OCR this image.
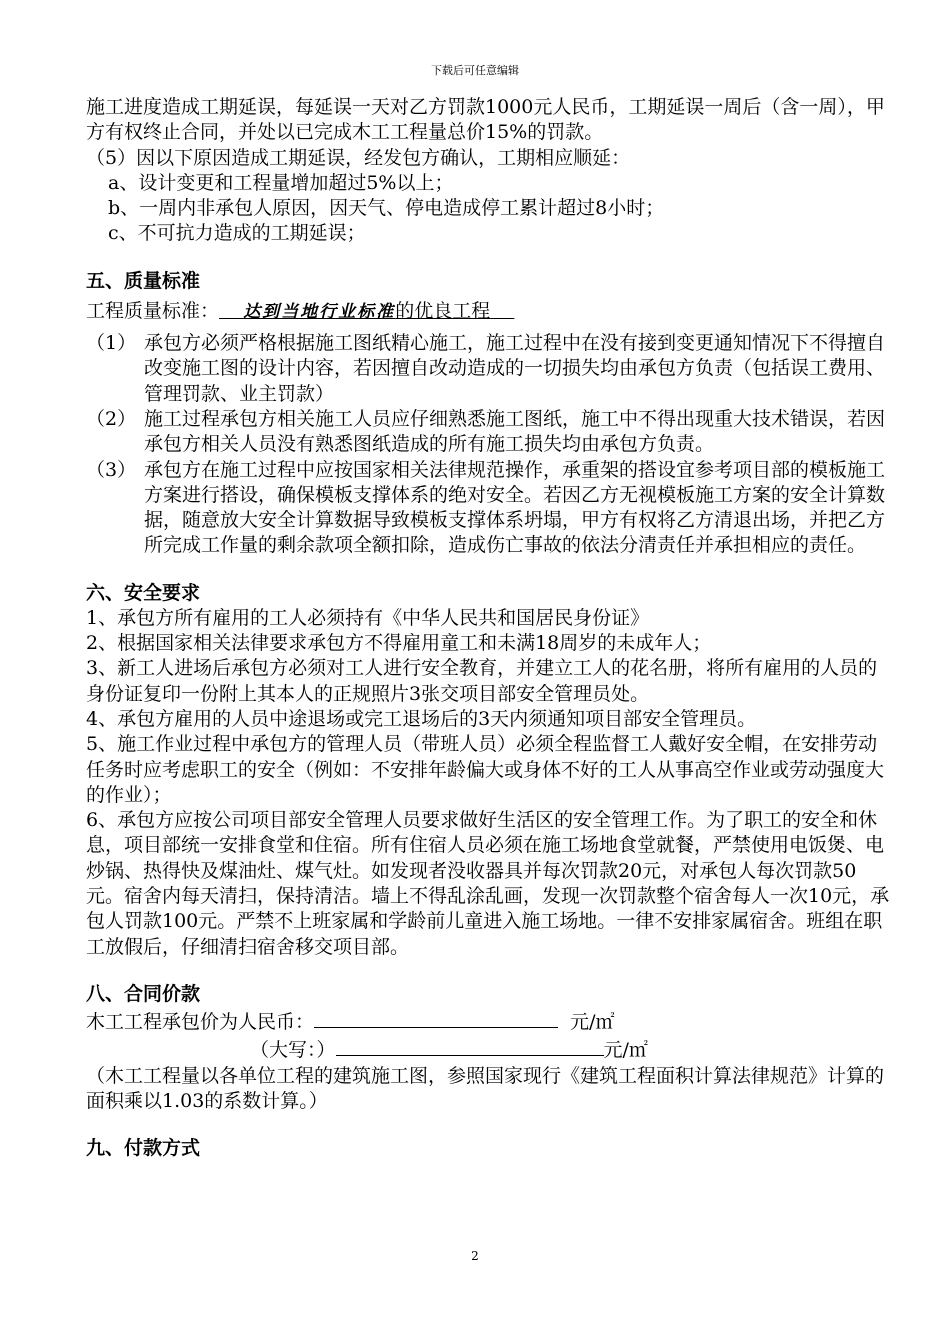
下载后可任意编辑

施工进度造成工期延误，每延误一天对乙方罚款1000元人民币，工期延误一周后（含一周），甲方有权终止合同，并处以已完成木工工程量总价15%的罚款。

（5）因以下原因造成工期延误，经发包方确认，工期相应顺延：

a、设计变更和工程量增加超过5%以上；

b、一周内非承包人原因，因天气、停电造成停工累计超过8小时；

c、不可抗力造成的工期延误；

五、质量标准

工程质量标准： 达到当地行业标准的优良工程

（1） 承包方必须严格根据施工图纸精心施工，施工过程中在没有接到变更通知情况下不得擅自改变施工图的设计内容，若因擅自改动造成的一切损失均由承包方负责（包括误工费用、管理罚款、业主罚款）
（2） 施工过程承包方相关施工人员应仔细熟悉施工图纸，施工中不得出现重大技术错误，若因承包方相关人员没有熟悉图纸造成的所有施工损失均由承包方负责。
（3） 承包方在施工过程中应按国家相关法律规范操作，承重架的搭设宜参考项目部的模板施工方案进行搭设，确保模板支撑体系的绝对安全。若因乙方无视模板施工方案的安全计算数据，随意放大安全计算数据导致模板支撑体系坍塌，甲方有权将乙方清退出场，并把乙方所完成工作量的剩余款项全额扣除，造成伤亡事故的依法分清责任并承担相应的责任。
六、安全要求

1、承包方所有雇用的工人必须持有《中华人民共和国居民身份证》

2、根据国家相关法律要求承包方不得雇用童工和未满18周岁的未成年人；

3、新工人进场后承包方必须对工人进行安全教育，并建立工人的花名册，将所有雇用的人员的身份证复印一份附上其本人的正规照片3张交项目部安全管理员处。

4、承包方雇用的人员中途退场或完工退场后的3天内须通知项目部安全管理员。

5、施工作业过程中承包方的管理人员（带班人员）必须全程监督工人戴好安全帽，在安排劳动任务时应考虑职工的安全（例如：不安排年龄偏大或身体不好的工人从事高空作业或劳动强度大的作业）；

6、承包方应按公司项目部安全管理人员要求做好生活区的安全管理工作。为了职工的安全和休息，项目部统一安排食堂和住宿。所有住宿人员必须在施工场地食堂就餐，严禁使用电饭煲、电炒锅、热得快及煤油灶、煤气灶。如发现者没收器具并每次罚款20元，对承包人每次罚款50元。宿舍内每天清扫，保持清洁。墙上不得乱涂乱画，发现一次罚款整个宿舍每人一次10元，承包人罚款100元。严禁不上班家属和学龄前儿童进入施工场地。一律不安排家属宿舍。班组在职工放假后，仔细清扫宿舍移交项目部。

八、合同价款

木工工程承包价为人民币：	元/㎡

（大写：）	元/㎡

（木工工程量以各单位工程的建筑施工图，参照国家现行《建筑工程面积计算法律规范》计算的面积乘以1.03的系数计算。）

九、付款方式
2
